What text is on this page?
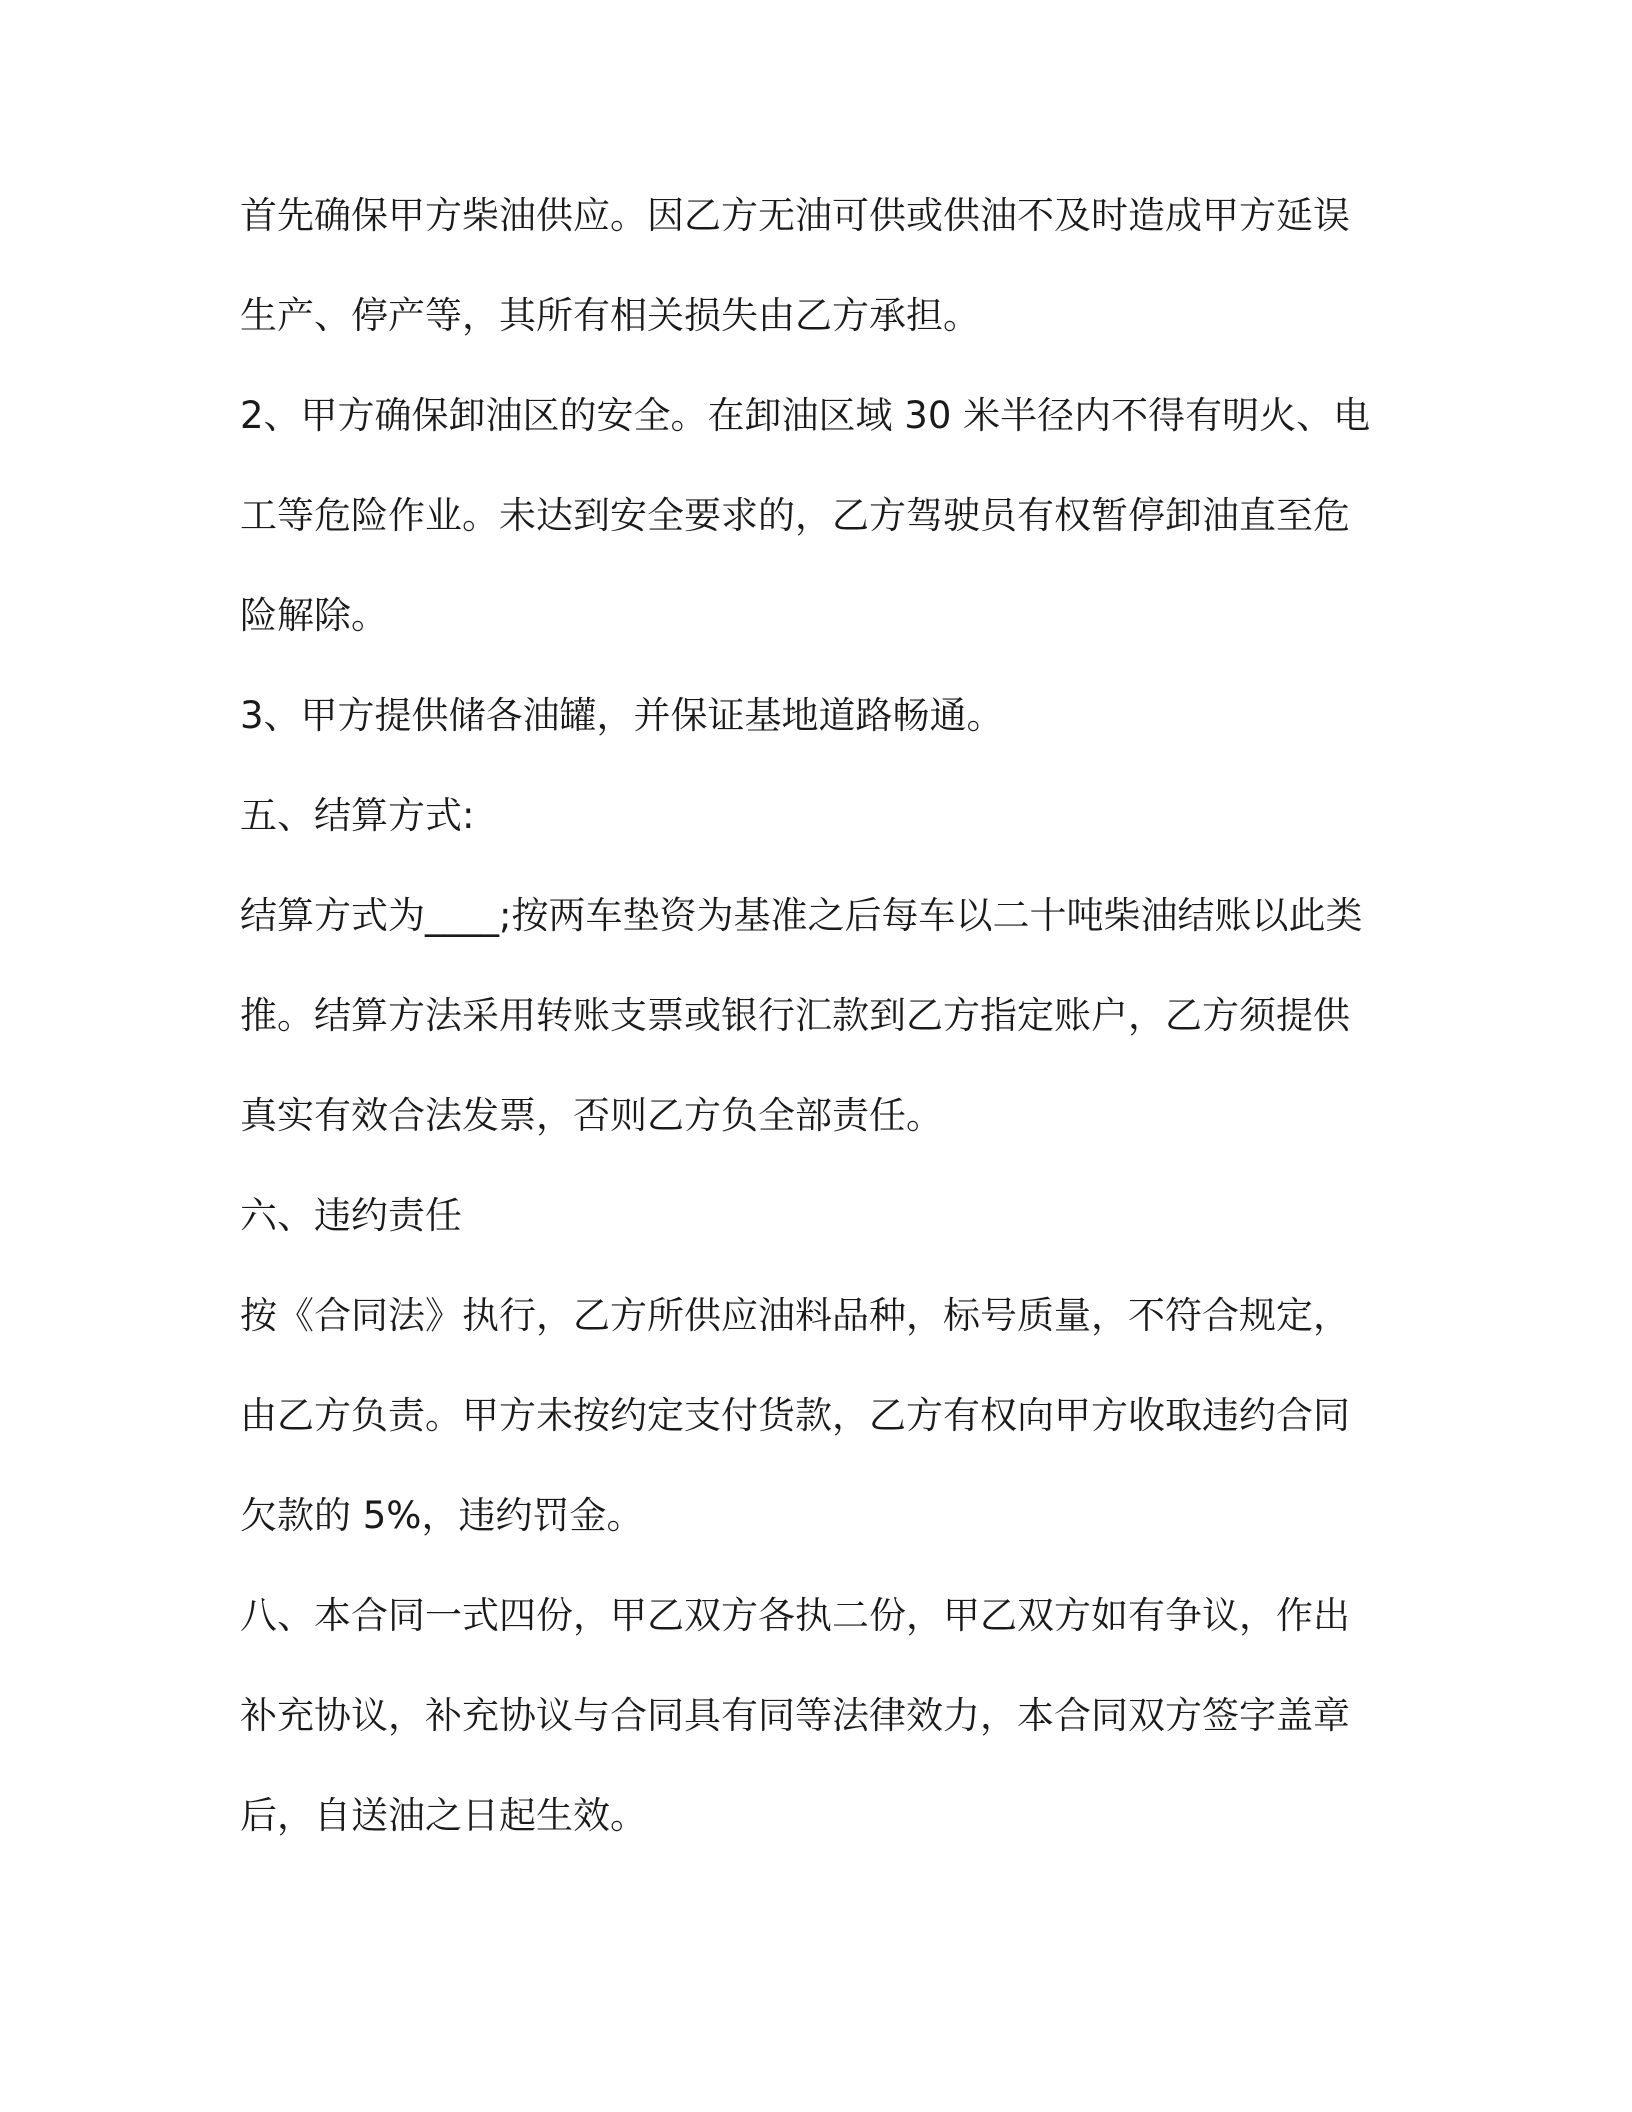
首先确保甲方柴油供应。因乙方无油可供或供油不及时造成甲方延误
生产、停产等，其所有相关损失由乙方承担。
2、甲方确保卸油区的安全。在卸油区域 30 米半径内不得有明火、电
工等危险作业。未达到安全要求的，乙方驾驶员有权暂停卸油直至危
险解除。
3、甲方提供储各油罐，并保证基地道路畅通。
五、结算方式:
结算方式为____;按两车垫资为基准之后每车以二十吨柴油结账以此类
推。结算方法采用转账支票或银行汇款到乙方指定账户，乙方须提供
真实有效合法发票，否则乙方负全部责任。
六、违约责任
按《合同法》执行，乙方所供应油料品种，标号质量，不符合规定，
由乙方负责。甲方未按约定支付货款，乙方有权向甲方收取违约合同
欠款的 5%，违约罚金。
八、本合同一式四份，甲乙双方各执二份，甲乙双方如有争议，作出
补充协议，补充协议与合同具有同等法律效力，本合同双方签字盖章
后，自送油之日起生效。
